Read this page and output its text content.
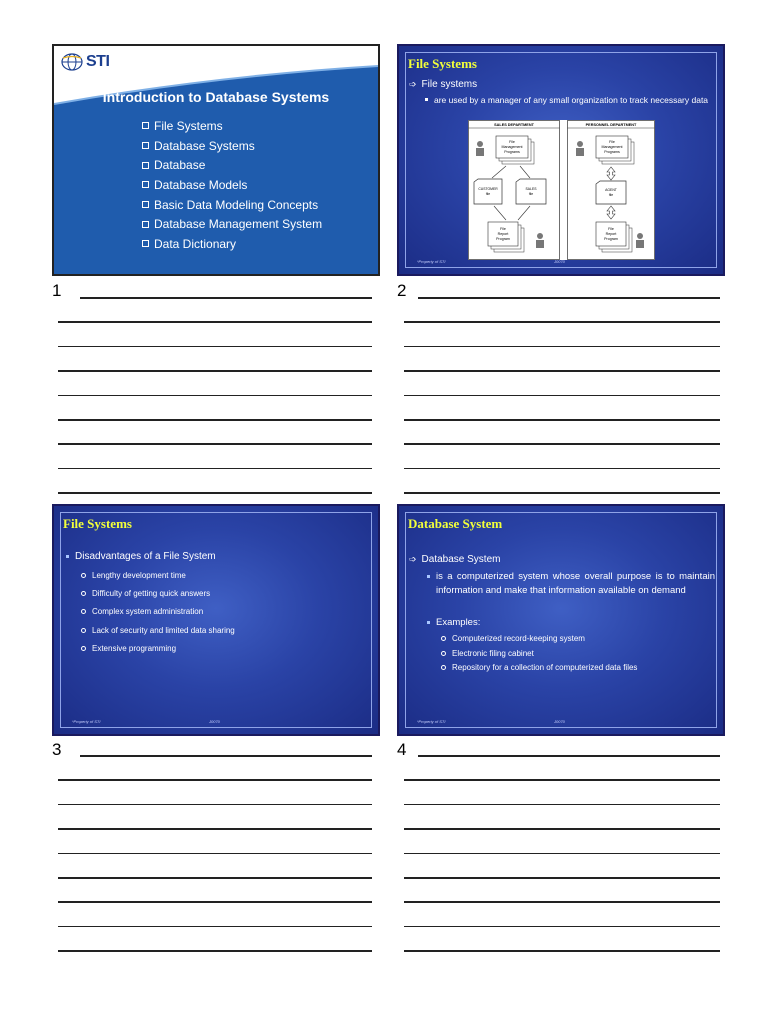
STI
Introduction to Database Systems
File Systems
Database Systems
Database
Database Models
Basic Data Modeling Concepts
Database Management System
Data Dictionary
File Systems
➩ File systems
are used by a manager of any small organization to track necessary data
SALES DEPARTMENT	PERSONNEL DEPARTMENT
File
Management
Programs
CUSTOMER
file
SALES
file
File
Report
Program
File
Management
Programs
AGENT
file
File
Report
Program
*Property of STI	J0070
File Systems
Disadvantages of a File System
Lengthy development time
Difficulty of getting quick answers
Complex system administration
Lack of security and limited data sharing
Extensive programming
*Property of STI	J0070
Database System
➩ Database System
is a computerized system whose overall purpose is to maintain information and make that information available on demand
Examples:
Computerized record-keeping system
Electronic filing cabinet
Repository for a collection of computerized data files
*Property of STI	J0070
1	2
3	4
